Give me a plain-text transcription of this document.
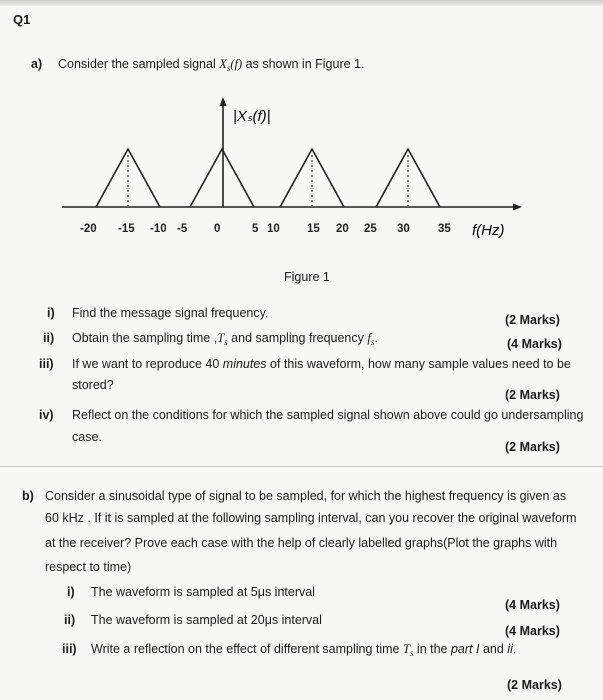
Q1
a) Consider the sampled signal $X_s(f)$ as shown in Figure 1.
|Xₛ(f)|
-20 -15 -10 -5 0	5 10 15 20 25 30 35 f(Hz)
Figure 1
i) Find the message signal frequency.	(2 Marks)
ii) Obtain the sampling time $,T_s$ and sampling frequency $f_s$.	(4 Marks)
iii) If we want to reproduce 40 minutes of this waveform, how many sample values need to be
stored?
(2 Marks)
iv) Reflect on the conditions for which the sampled signal shown above could go undersampling
case.
(2 Marks)
b) Consider a sinusoidal type of signal to be sampled, for which the highest frequency is given as
60 kHz . If it is sampled at the following sampling interval, can you recover the original waveform
at the receiver? Prove each case with the help of clearly labelled graphs(Plot the graphs with
respect to time)
i) The waveform is sampled at 5μs interval
(4 Marks)
ii) The waveform is sampled at 20μs interval
(4 Marks)
iii) Write a reflection on the effect of different sampling time $T_s$ in the part I and ii.
(2 Marks)
